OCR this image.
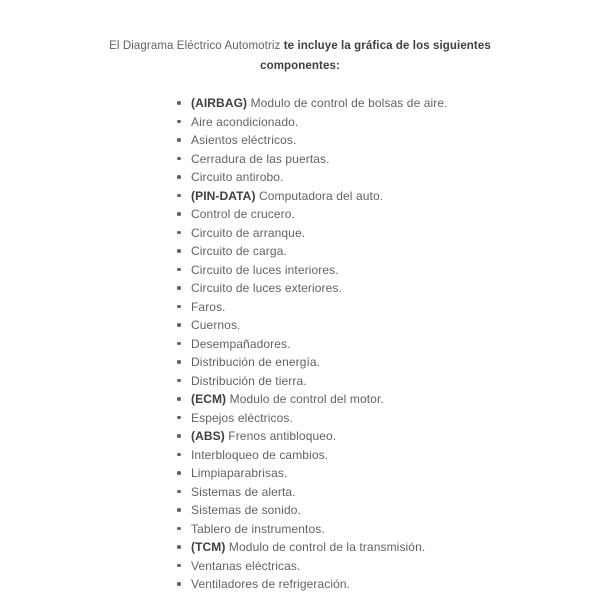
El Diagrama Eléctrico Automotriz te incluye la gráfica de los siguientes componentes:

(AIRBAG) Modulo de control de bolsas de aire.
Aire acondicionado.
Asientos eléctricos.
Cerradura de las puertas.
Circuito antirobo.
(PIN-DATA) Computadora del auto.
Control de crucero.
Circuito de arranque.
Circuito de carga.
Circuito de luces interiores.
Circuito de luces exteriores.
Faros.
Cuernos.
Desempañadores.
Distribución de energía.
Distribución de tierra.
(ECM) Modulo de control del motor.
Espejos eléctricos.
(ABS) Frenos antibloqueo.
Interbloqueo de cambios.
Limpiaparabrisas.
Sistemas de alerta.
Sistemas de sonido.
Tablero de instrumentos.
(TCM) Modulo de control de la transmisión.
Ventanas eléctricas.
Ventiladores de refrigeración.
